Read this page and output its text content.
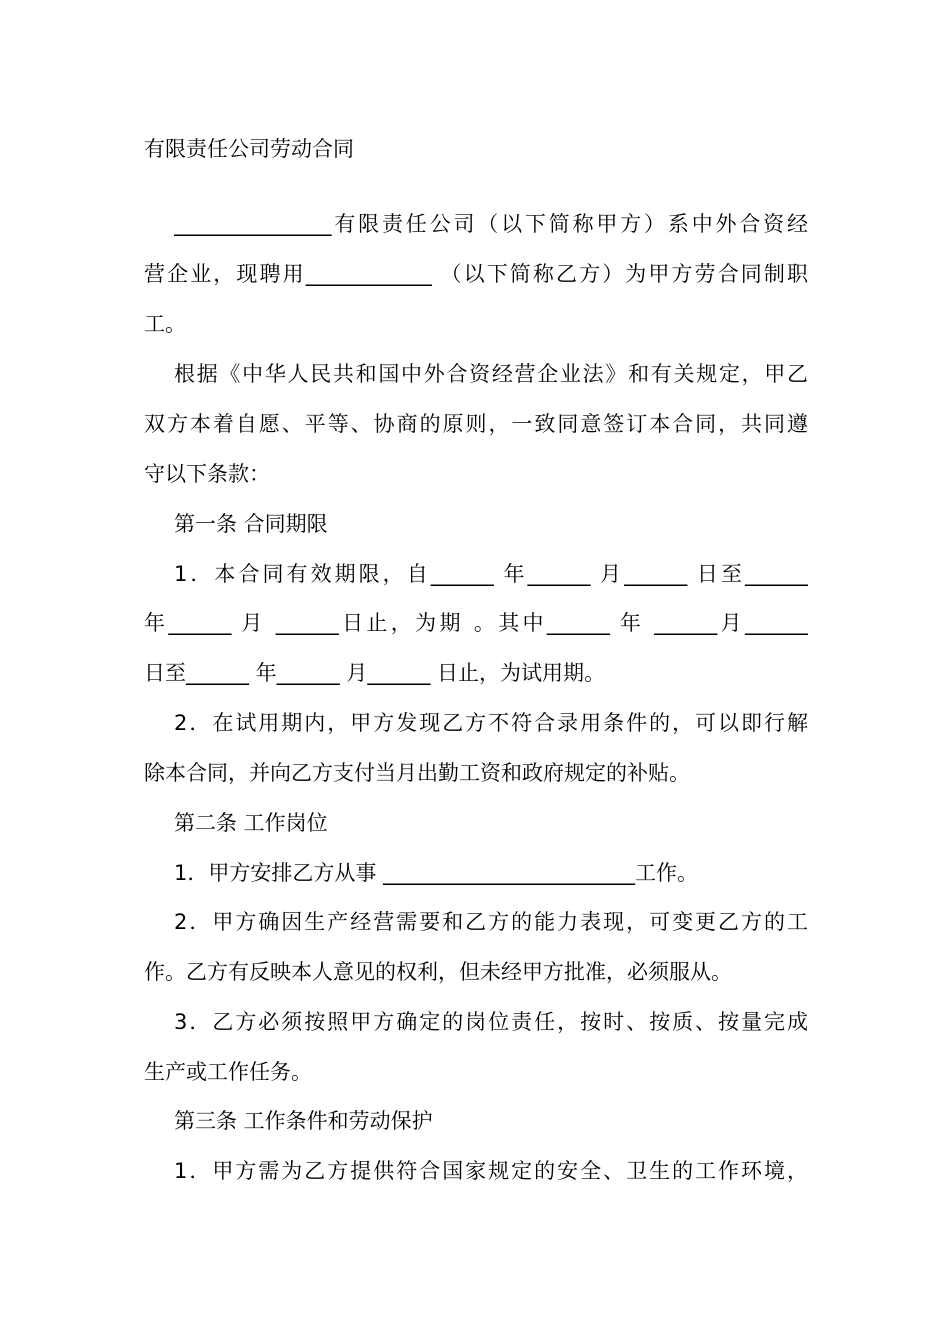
有限责任公司劳动合同
_______________有限责任公司（以下简称甲方）系中外合资经
营企业，现聘用____________ （以下简称乙方）为甲方劳合同制职
工。
根据《中华人民共和国中外合资经营企业法》和有关规定，甲乙
双方本着自愿、平等、协商的原则，一致同意签订本合同，共同遵
守以下条款：
第一条 合同期限
1．本合同有效期限，自______ 年______ 月______ 日至______
年______ 月 ______日止，为期 。其中______ 年 ______月______
日至______ 年______ 月______ 日止，为试用期。
2．在试用期内，甲方发现乙方不符合录用条件的，可以即行解
除本合同，并向乙方支付当月出勤工资和政府规定的补贴。
第二条 工作岗位
1．甲方安排乙方从事 ________________________工作。
2．甲方确因生产经营需要和乙方的能力表现，可变更乙方的工
作。乙方有反映本人意见的权利，但未经甲方批准，必须服从。
3．乙方必须按照甲方确定的岗位责任，按时、按质、按量完成
生产或工作任务。
第三条 工作条件和劳动保护
1．甲方需为乙方提供符合国家规定的安全、卫生的工作环境，
